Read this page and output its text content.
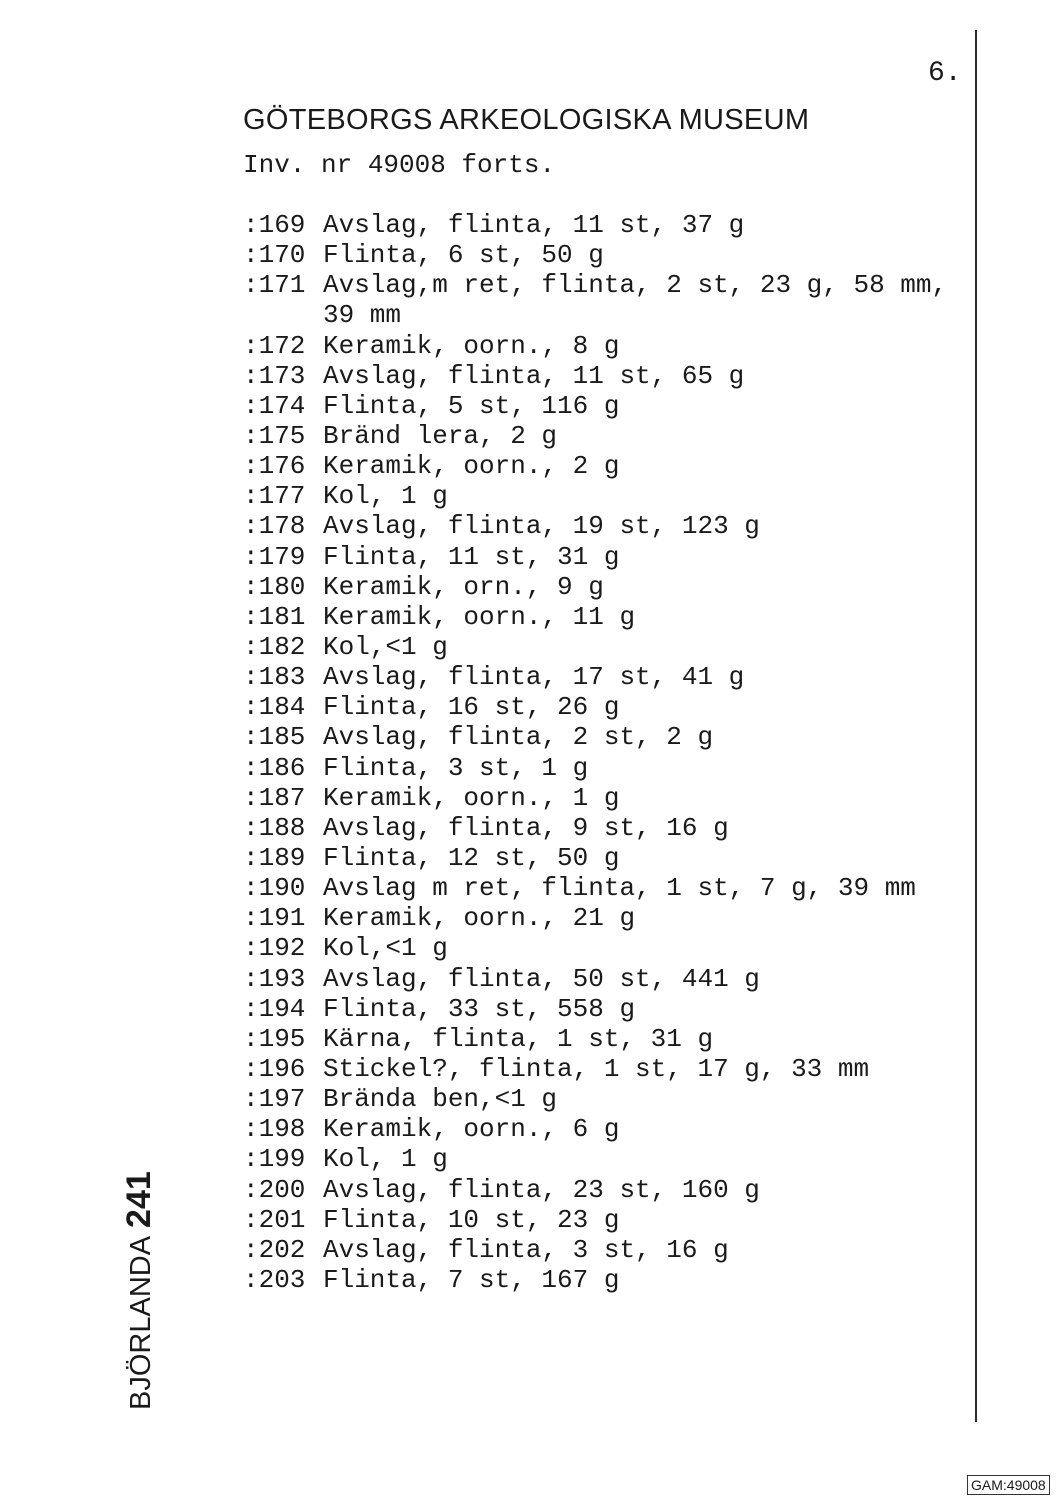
6.
GÖTEBORGS ARKEOLOGISKA MUSEUM
Inv. nr 49008 forts.
:169 Avslag, flinta, 11 st, 37 g
:170 Flinta, 6 st, 50 g
:171 Avslag,m ret, flinta, 2 st, 23 g, 58 mm,
39 mm
:172 Keramik, oorn., 8 g
:173 Avslag, flinta, 11 st, 65 g
:174 Flinta, 5 st, 116 g
:175 Bränd lera, 2 g
:176 Keramik, oorn., 2 g
:177 Kol, 1 g
:178 Avslag, flinta, 19 st, 123 g
:179 Flinta, 11 st, 31 g
:180 Keramik, orn., 9 g
:181 Keramik, oorn., 11 g
:182 Kol,<1 g
:183 Avslag, flinta, 17 st, 41 g
:184 Flinta, 16 st, 26 g
:185 Avslag, flinta, 2 st, 2 g
:186 Flinta, 3 st, 1 g
:187 Keramik, oorn., 1 g
:188 Avslag, flinta, 9 st, 16 g
:189 Flinta, 12 st, 50 g
:190 Avslag m ret, flinta, 1 st, 7 g, 39 mm
:191 Keramik, oorn., 21 g
:192 Kol,<1 g
:193 Avslag, flinta, 50 st, 441 g
:194 Flinta, 33 st, 558 g
:195 Kärna, flinta, 1 st, 31 g
:196 Stickel?, flinta, 1 st, 17 g, 33 mm
:197 Brända ben,<1 g
:198 Keramik, oorn., 6 g
:199 Kol, 1 g
:200 Avslag, flinta, 23 st, 160 g
:201 Flinta, 10 st, 23 g
:202 Avslag, flinta, 3 st, 16 g
:203 Flinta, 7 st, 167 g
BJÖRLANDA241
GAM:49008
